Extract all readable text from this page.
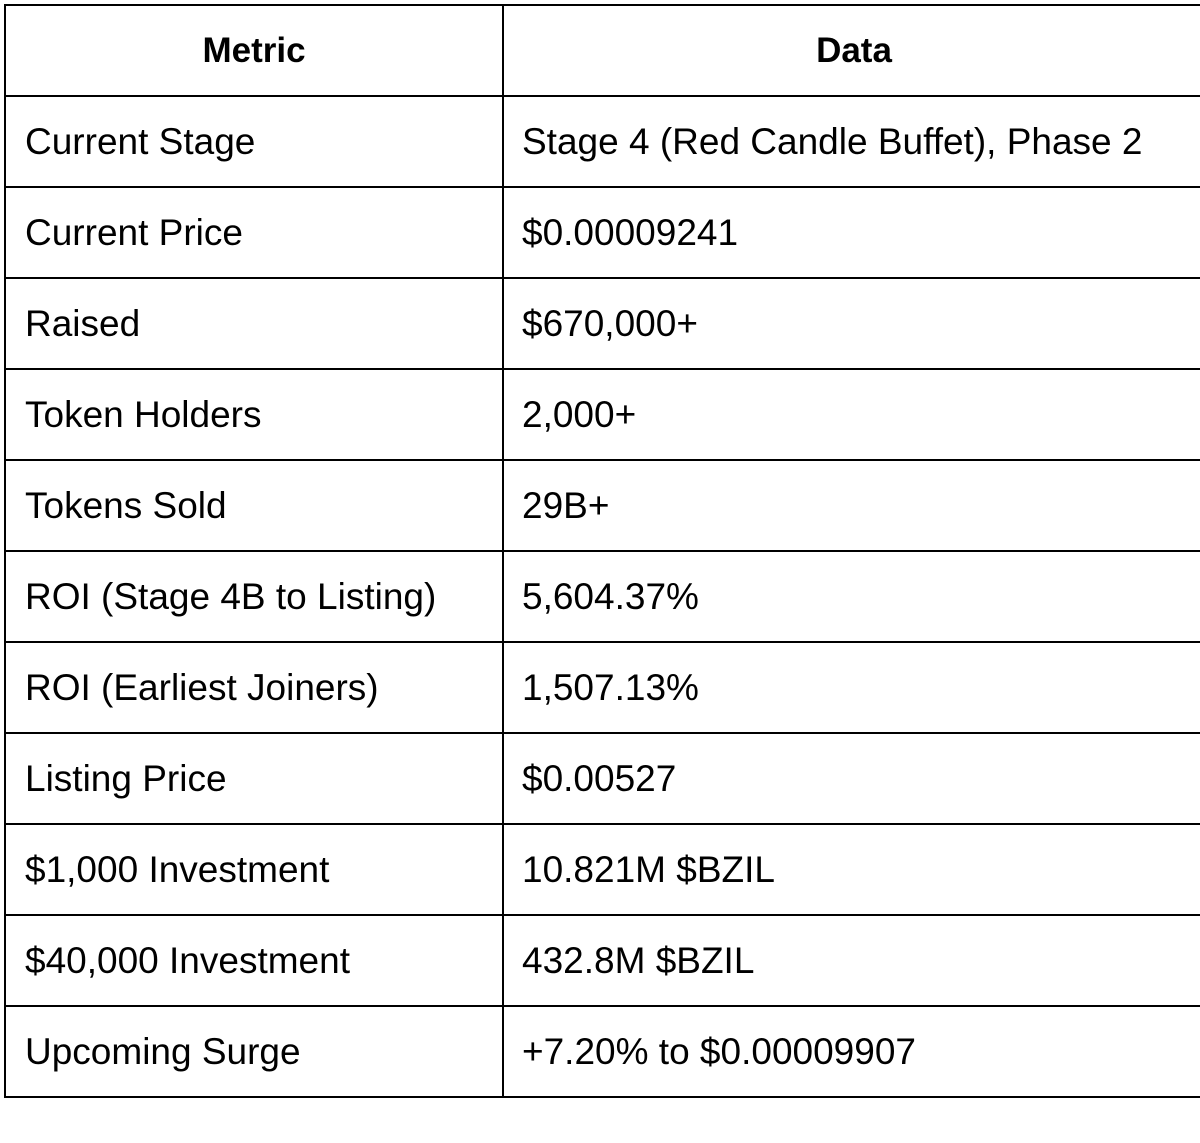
Metric	Data
Current Stage	Stage 4 (Red Candle Buffet), Phase 2
Current Price	$0.00009241
Raised	$670,000+
Token Holders	2,000+
Tokens Sold	29B+
ROI (Stage 4B to Listing)	5,604.37%
ROI (Earliest Joiners)	1,507.13%
Listing Price	$0.00527
$1,000 Investment	10.821M $BZIL
$40,000 Investment	432.8M $BZIL
Upcoming Surge	+7.20% to $0.00009907
